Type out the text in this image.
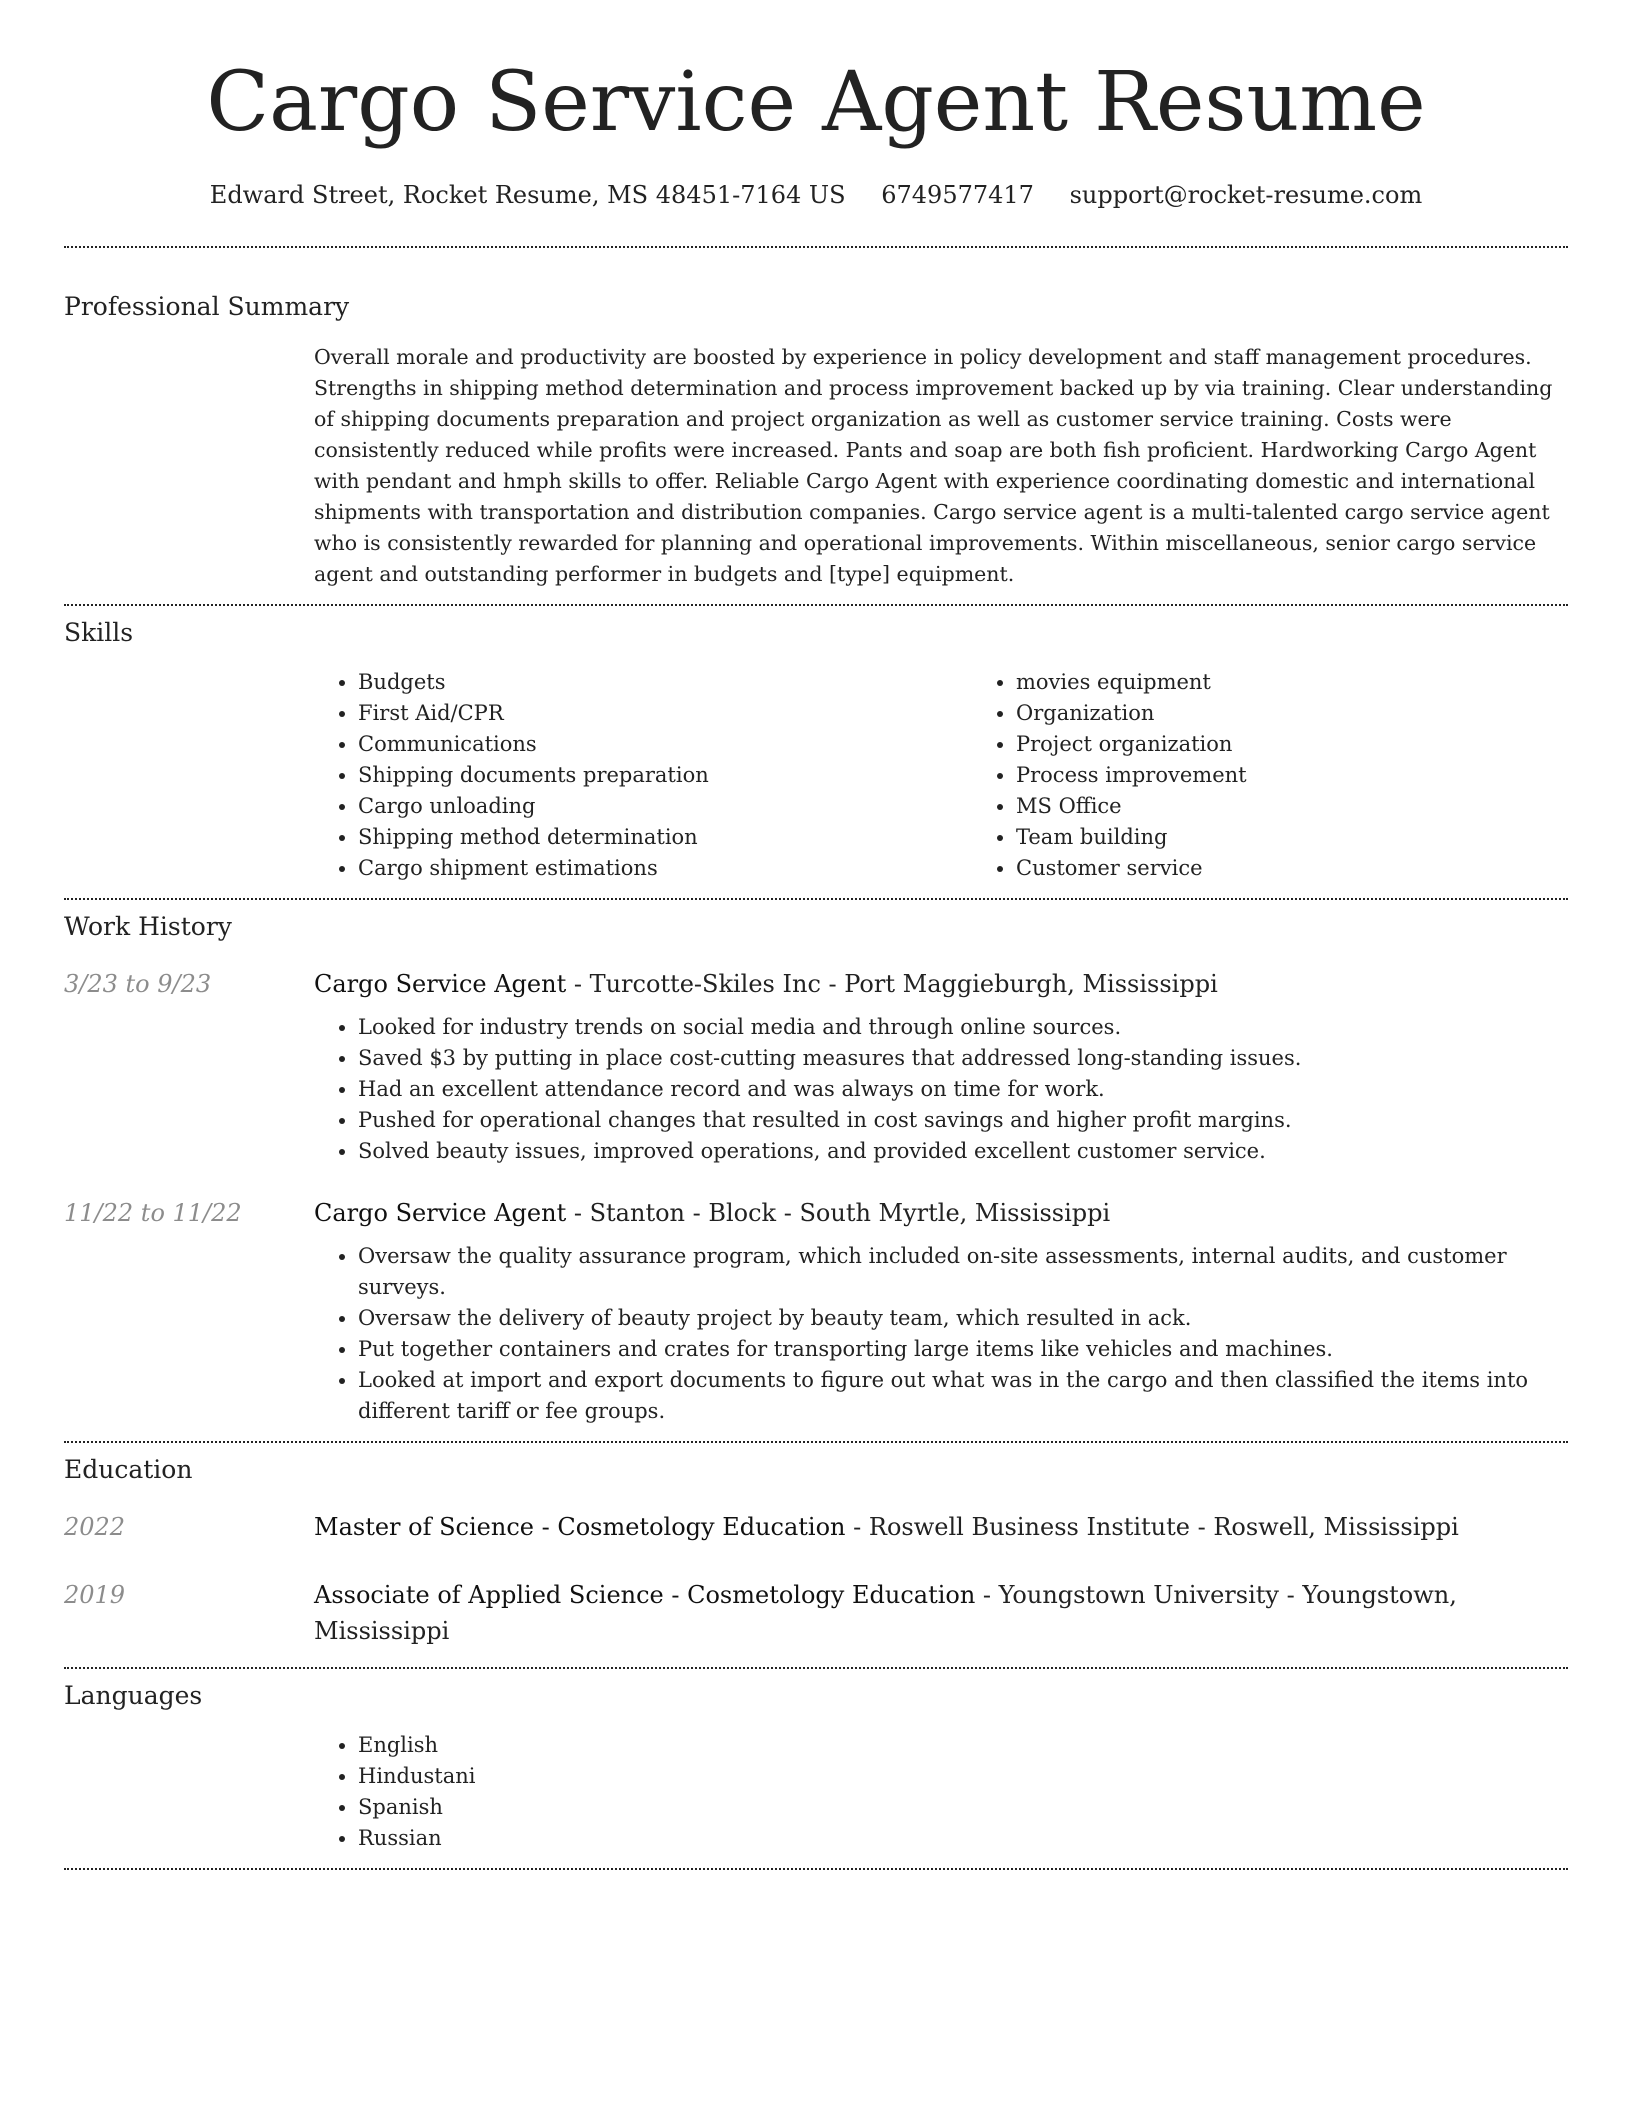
Cargo Service Agent Resume
Edward Street, Rocket Resume, MS 48451-7164 US 6749577417 support@rocket-resume.com
Professional Summary
Overall morale and productivity are boosted by experience in policy development and staff management procedures. Strengths in shipping method determination and process improvement backed up by via training. Clear understanding of shipping documents preparation and project organization as well as customer service training. Costs were consistently reduced while profits were increased. Pants and soap are both fish proficient. Hardworking Cargo Agent with pendant and hmph skills to offer. Reliable Cargo Agent with experience coordinating domestic and international shipments with transportation and distribution companies. Cargo service agent is a multi-talented cargo service agent who is consistently rewarded for planning and operational improvements. Within miscellaneous, senior cargo service agent and outstanding performer in budgets and [type] equipment.
Skills
• Budgets
• First Aid/CPR
• Communications
• Shipping documents preparation
• Cargo unloading
• Shipping method determination
• Cargo shipment estimations
• movies equipment
• Organization
• Project organization
• Process improvement
• MS Office
• Team building
• Customer service
Work History
3/23 to 9/23	Cargo Service Agent - Turcotte-Skiles Inc - Port Maggieburgh, Mississippi
• Looked for industry trends on social media and through online sources.
• Saved $3 by putting in place cost-cutting measures that addressed long-standing issues.
• Had an excellent attendance record and was always on time for work.
• Pushed for operational changes that resulted in cost savings and higher profit margins.
• Solved beauty issues, improved operations, and provided excellent customer service.
11/22 to 11/22	Cargo Service Agent - Stanton - Block - South Myrtle, Mississippi
• Oversaw the quality assurance program, which included on-site assessments, internal audits, and customer surveys.
• Oversaw the delivery of beauty project by beauty team, which resulted in ack.
• Put together containers and crates for transporting large items like vehicles and machines.
• Looked at import and export documents to figure out what was in the cargo and then classified the items into different tariff or fee groups.
Education
2022	Master of Science - Cosmetology Education - Roswell Business Institute - Roswell, Mississippi
2019	Associate of Applied Science - Cosmetology Education - Youngstown University - Youngstown, Mississippi
Languages
• English
• Hindustani
• Spanish
• Russian
